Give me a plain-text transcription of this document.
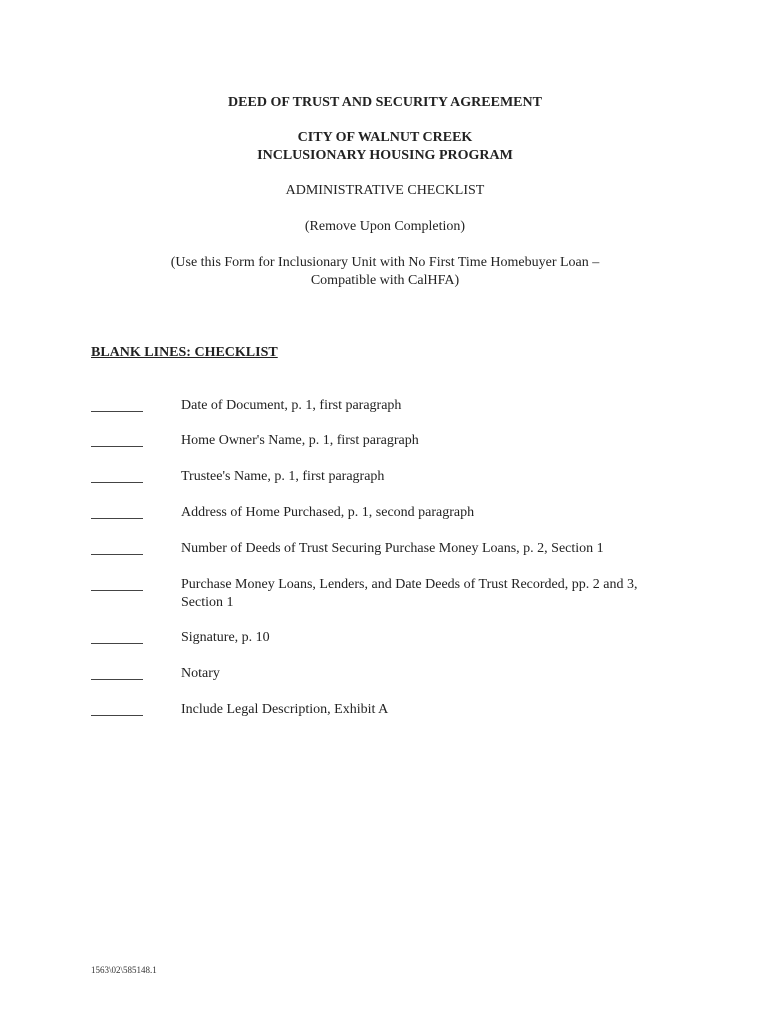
DEED OF TRUST AND SECURITY AGREEMENT
CITY OF WALNUT CREEK
INCLUSIONARY HOUSING PROGRAM
ADMINISTRATIVE CHECKLIST
(Remove Upon Completion)
(Use this Form for Inclusionary Unit with No First Time Homebuyer Loan –
Compatible with CalHFA)
BLANK LINES: CHECKLIST
Date of Document, p. 1, first paragraph
Home Owner's Name, p. 1, first paragraph
Trustee's Name, p. 1, first paragraph
Address of Home Purchased, p. 1, second paragraph
Number of Deeds of Trust Securing Purchase Money Loans, p. 2, Section 1
Purchase Money Loans, Lenders, and Date Deeds of Trust Recorded, pp. 2 and 3,
Section 1
Signature, p. 10
Notary
Include Legal Description, Exhibit A
1563\02\585148.1
